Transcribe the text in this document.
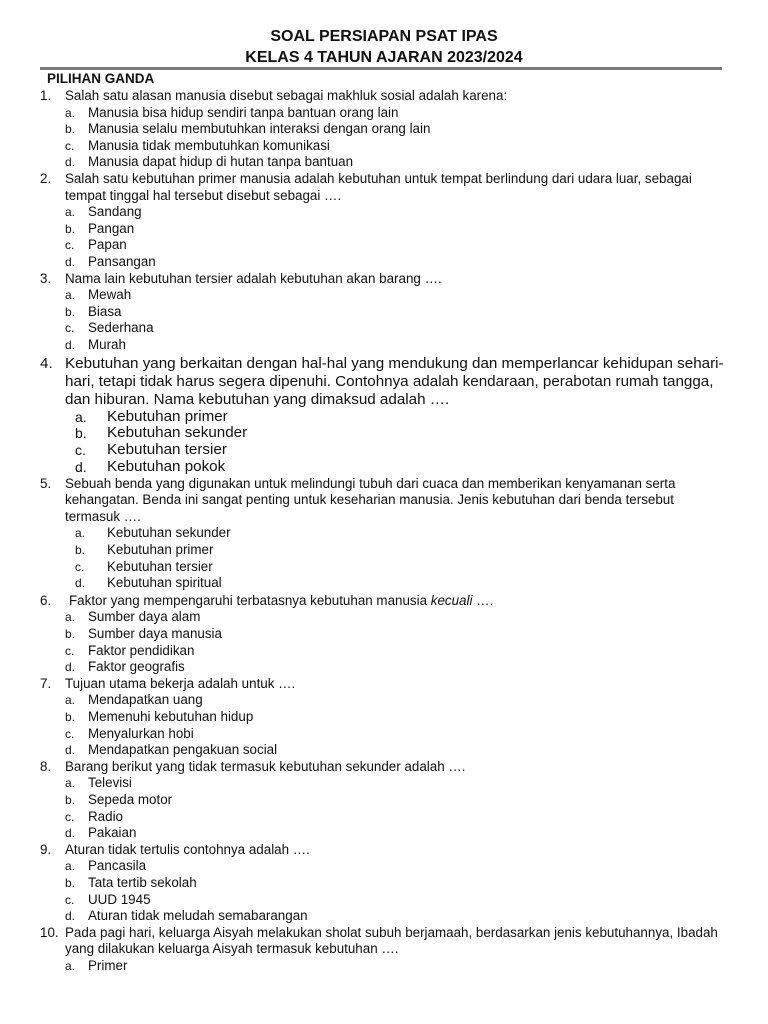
SOAL PERSIAPAN PSAT IPAS
KELAS 4 TAHUN AJARAN 2023/2024
PILIHAN GANDA
1. Salah satu alasan manusia disebut sebagai makhluk sosial adalah karena:
a. Manusia bisa hidup sendiri tanpa bantuan orang lain
b. Manusia selalu membutuhkan interaksi dengan orang lain
c. Manusia tidak membutuhkan komunikasi
d. Manusia dapat hidup di hutan tanpa bantuan
2. Salah satu kebutuhan primer manusia adalah kebutuhan untuk tempat berlindung dari udara luar, sebagai tempat tinggal hal tersebut disebut sebagai ….
a. Sandang
b. Pangan
c. Papan
d. Pansangan
3. Nama lain kebutuhan tersier adalah kebutuhan akan barang ….
a. Mewah
b. Biasa
c. Sederhana
d. Murah
4. Kebutuhan yang berkaitan dengan hal-hal yang mendukung dan memperlancar kehidupan sehari-hari, tetapi tidak harus segera dipenuhi. Contohnya adalah kendaraan, perabotan rumah tangga, dan hiburan. Nama kebutuhan yang dimaksud adalah ….
a. Kebutuhan primer
b. Kebutuhan sekunder
c. Kebutuhan tersier
d. Kebutuhan pokok
5. Sebuah benda yang digunakan untuk melindungi tubuh dari cuaca dan memberikan kenyamanan serta kehangatan. Benda ini sangat penting untuk keseharian manusia. Jenis kebutuhan dari benda tersebut termasuk ….
a. Kebutuhan sekunder
b. Kebutuhan primer
c. Kebutuhan tersier
d. Kebutuhan spiritual
6. Faktor yang mempengaruhi terbatasnya kebutuhan manusia kecuali ….
a. Sumber daya alam
b. Sumber daya manusia
c. Faktor pendidikan
d. Faktor geografis
7. Tujuan utama bekerja adalah untuk ….
a. Mendapatkan uang
b. Memenuhi kebutuhan hidup
c. Menyalurkan hobi
d. Mendapatkan pengakuan social
8. Barang berikut yang tidak termasuk kebutuhan sekunder adalah ….
a. Televisi
b. Sepeda motor
c. Radio
d. Pakaian
9. Aturan tidak tertulis contohnya adalah ….
a. Pancasila
b. Tata tertib sekolah
c. UUD 1945
d. Aturan tidak meludah semabarangan
10. Pada pagi hari, keluarga Aisyah melakukan sholat subuh berjamaah, berdasarkan jenis kebutuhannya, Ibadah yang dilakukan keluarga Aisyah termasuk kebutuhan ….
a. Primer
